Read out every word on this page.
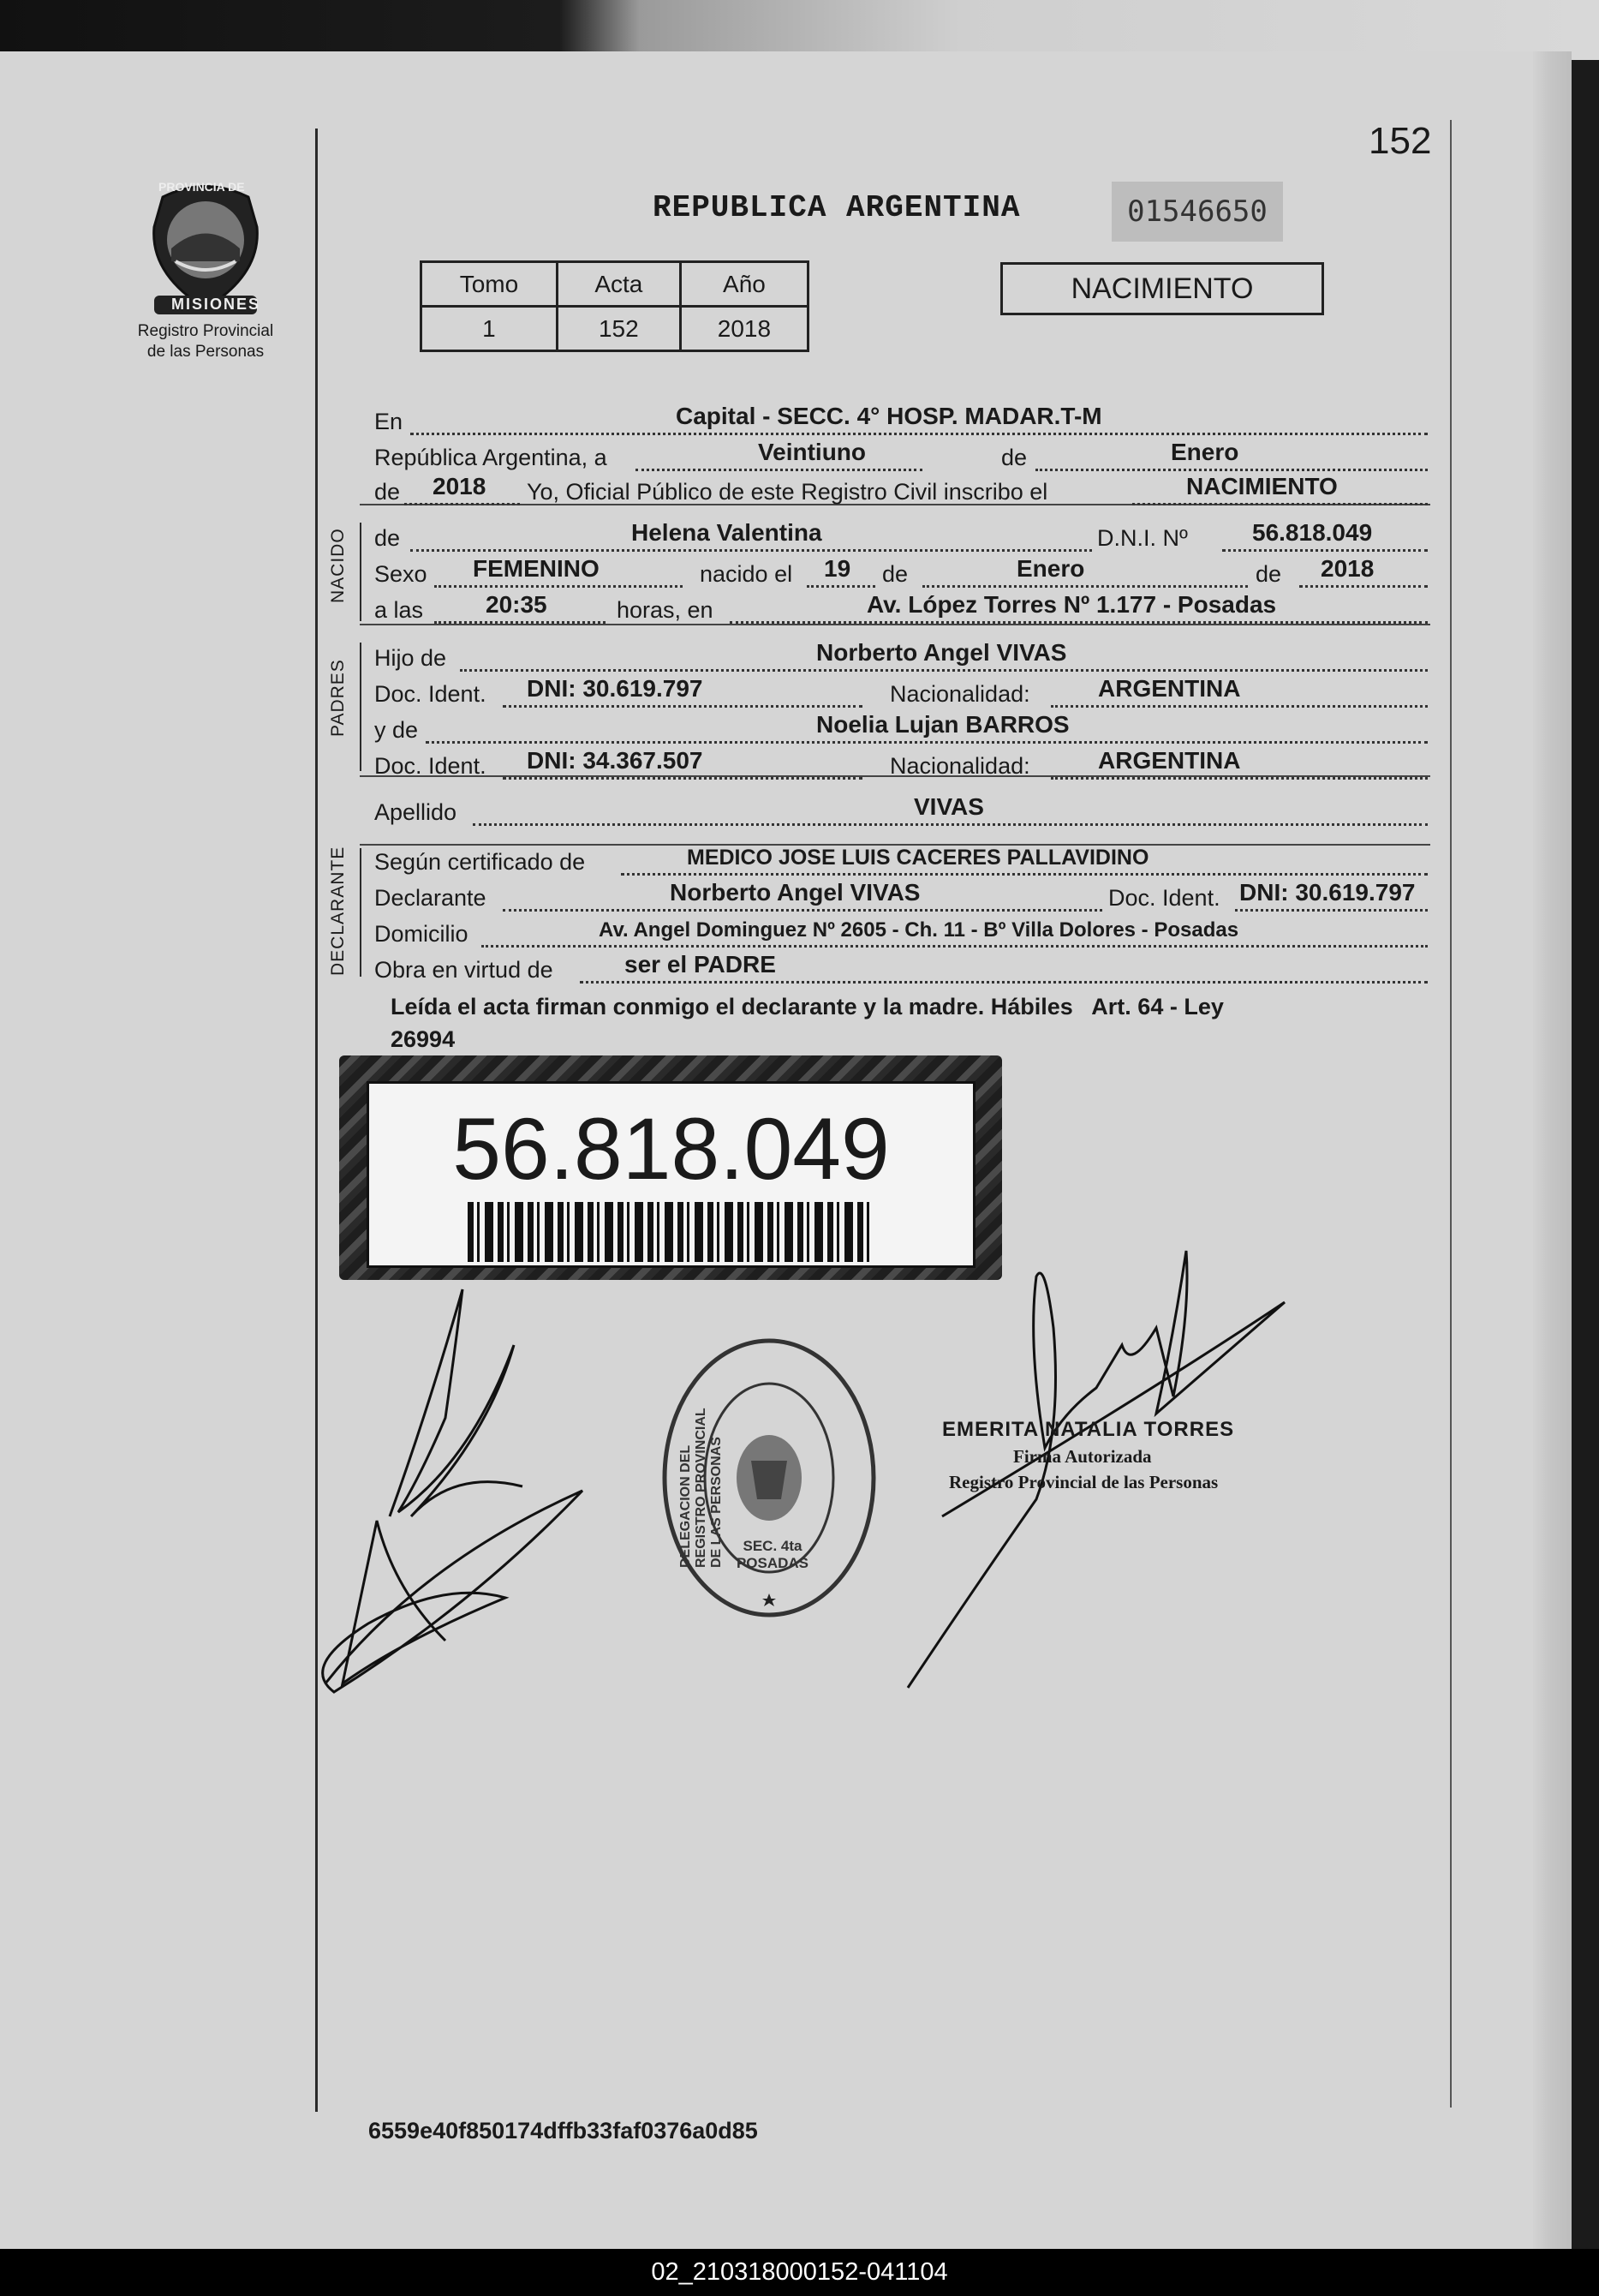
152
PROVINCIA DE
MISIONES
Registro Provincial
de las Personas
REPUBLICA ARGENTINA	01546650
Tomo	Acta	Año
1	152	2018
NACIMIENTO
NACIDO
PADRES
DECLARANTE
En	Capital - SECC. 4° HOSP. MADAR.T-M
República Argentina, a	Veintiuno	de	Enero
de 2018 Yo, Oficial Público de este Registro Civil inscribo el	NACIMIENTO
de	Helena Valentina	D.N.I. Nº	56.818.049
Sexo FEMENINO	nacido el 19 de	Enero	de 2018
a las	20:35	horas, en	Av. López Torres Nº 1.177 - Posadas
Hijo de	Norberto Angel VIVAS
Doc. Ident. DNI: 30.619.797	Nacionalidad:	ARGENTINA
y de	Noelia Lujan BARROS
Doc. Ident. DNI: 34.367.507	Nacionalidad:	ARGENTINA
Apellido	VIVAS
Según certificado de	MEDICO JOSE LUIS CACERES PALLAVIDINO
Declarante	Norberto Angel VIVAS	Doc. Ident. DNI: 30.619.797
Domicilio	Av. Angel Dominguez Nº 2605 - Ch. 11 - Bº Villa Dolores - Posadas
Obra en virtud de	ser el PADRE
Leída el acta firman conmigo el declarante y la madre. Hábiles   Art. 64 - Ley
26994
56.818.049
DELEGACION DEL REGISTRO PROVINCIAL DE LAS PERSONAS	SEC. 4ta POSADAS
EMERITA NATALIA TORRES
Firma Autorizada
Registro Provincial de las Personas
6559e40f850174dffb33faf0376a0d85
02_210318000152-041104
